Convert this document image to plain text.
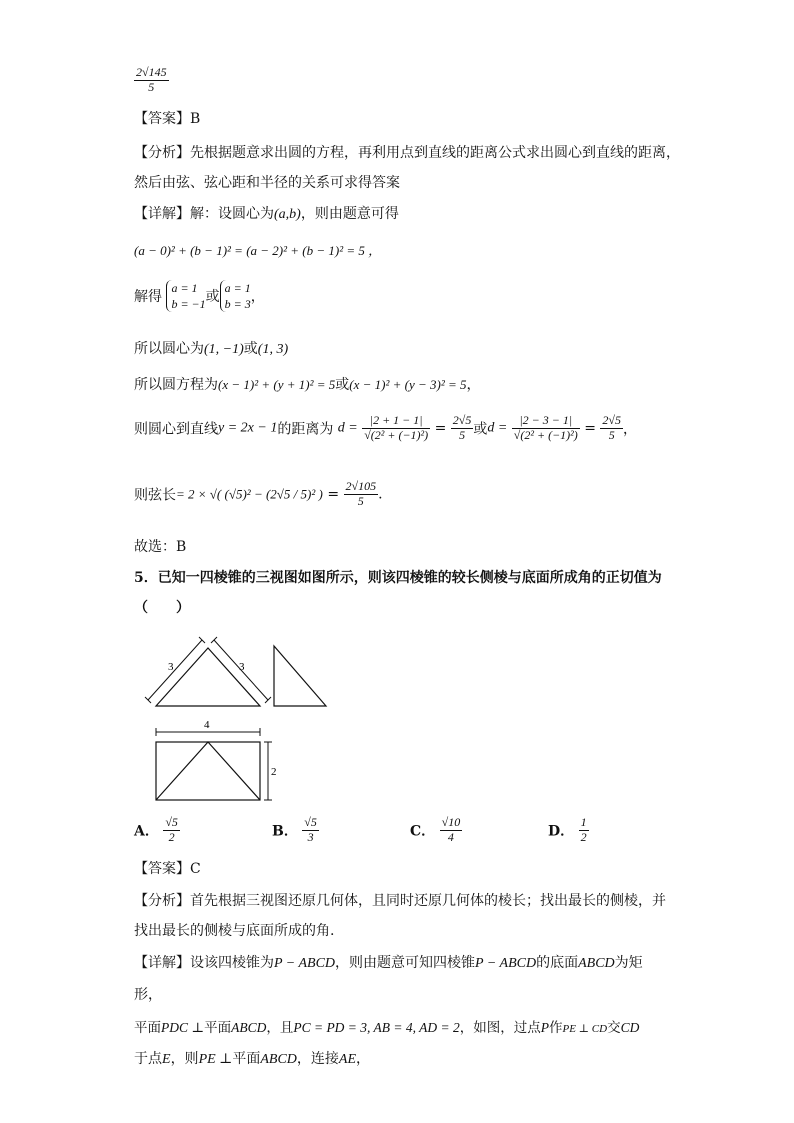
$\frac{2√145}{5}$
【答案】B
【分析】先根据题意求出圆的方程，再利用点到直线的距离公式求出圆心到直线的距离，
然后由弦、弦心距和半径的关系可求得答案
【详解】解：设圆心为(a,b)，则由题意可得
(a − 0)² + (b − 1)² = (a − 2)² + (b − 1)² = 5 ，
解得
a = 1
b = −1 或
a = 1
b = 3 ，
所以圆心为(1, −1)或(1, 3)
所以圆方程为(x − 1)² + (y + 1)² = 5或(x − 1)² + (y − 3)² = 5，
则圆心到直线y = 2x − 1的距离为 $d = \frac{|2 + 1 - 1|}{\text{√(2² + (−1)²)}} = \frac{2√5}{5}$ 或$d = \frac{|2 - 3 - 1|}{\text{√(2² + (−1)²)}} = \frac{2√5}{5}$ ，
则弦长= 2 × √( (√5)² − (2√5 / 5)² ) = $\frac{2√105}{5}$ .
故选：B
5．已知一四棱锥的三视图如图所示，则该四棱锥的较长侧棱与底面所成角的正切值为
（　　）
3	3
4
2
A． $\frac{√5}{2}$	B． $\frac{√5}{3}$	C． $\frac{√10}{4}$	D． $\frac{1}{2}$
【答案】C
【分析】首先根据三视图还原几何体，且同时还原几何体的棱长；找出最长的侧棱，并
找出最长的侧棱与底面所成的角.
【详解】设该四棱锥为P − ABCD，则由题意可知四棱锥P − ABCD的底面ABCD为矩
形，
平面PDC ⊥平面ABCD，且PC = PD = 3, AB = 4, AD = 2，如图，过点P作PE ⊥ CD交CD
于点E，则PE ⊥平面ABCD，连接AE，
